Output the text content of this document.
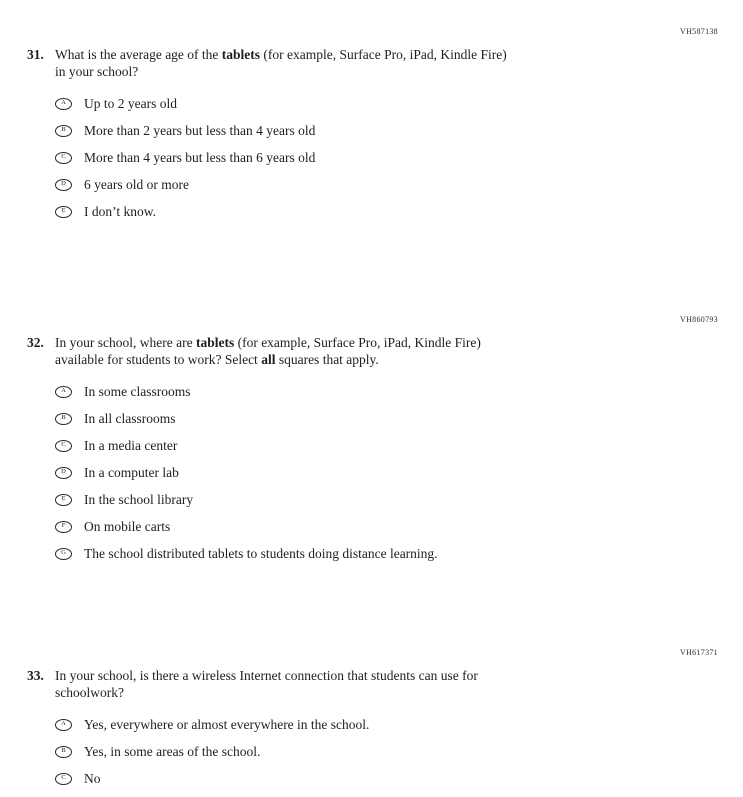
VH587138
31. What is the average age of the tablets (for example, Surface Pro, iPad, Kindle Fire)
in your school?
A	Up to 2 years old
B	More than 2 years but less than 4 years old
C	More than 4 years but less than 6 years old
D	6 years old or more
E	I don’t know.
VH860793
32. In your school, where are tablets (for example, Surface Pro, iPad, Kindle Fire)
available for students to work? Select all squares that apply.
A	In some classrooms
B	In all classrooms
C	In a media center
D	In a computer lab
E	In the school library
F	On mobile carts
G	The school distributed tablets to students doing distance learning.
VH617371
33. In your school, is there a wireless Internet connection that students can use for
schoolwork?
A	Yes, everywhere or almost everywhere in the school.
B	Yes, in some areas of the school.
C	No
